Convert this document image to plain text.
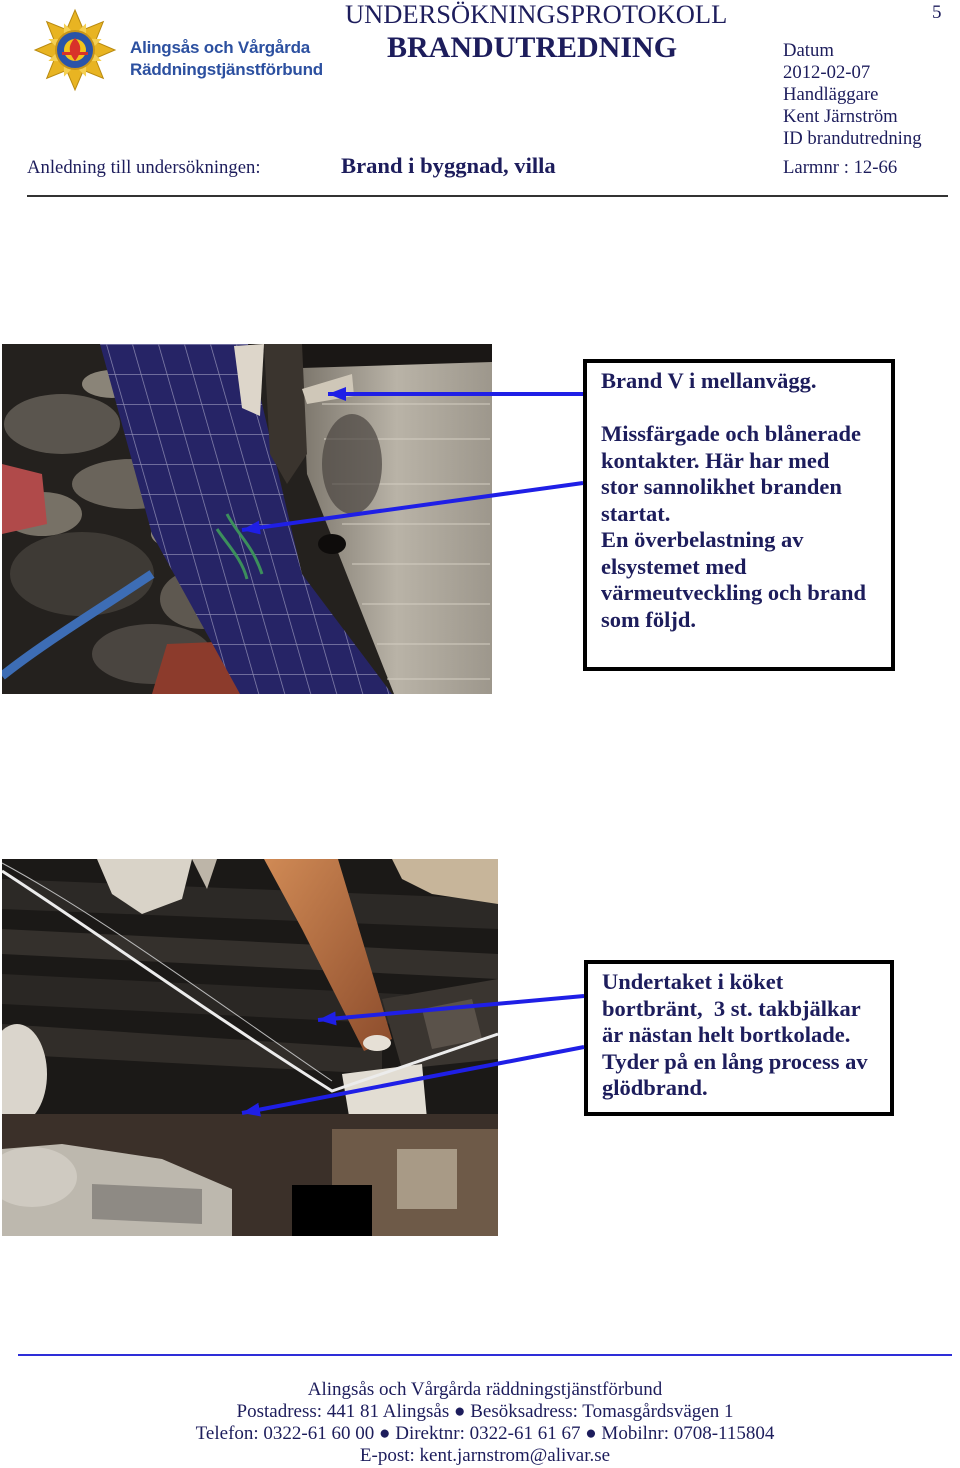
Alingsås och Vårgårda
Räddningstjänstförbund
UNDERSÖKNINGSPROTOKOLL
BRANDUTREDNING
5
Datum
2012-02-07
Handläggare
Kent Järnström
ID brandutredning
Anledning till undersökningen:	Brand i byggnad, villa	Larmnr : 12-66
Brand V i mellanvägg.
Missfärgade och blånerade
kontakter. Här har med
stor sannolikhet branden
startat.
En överbelastning av
elsystemet med
värmeutveckling och brand
som följd.
Undertaket i köket
bortbränt,  3 st. takbjälkar
är nästan helt bortkolade.
Tyder på en lång process av
glödbrand.
Alingsås och Vårgårda räddningstjänstförbund
Postadress: 441 81 Alingsås ● Besöksadress: Tomasgårdsvägen 1
Telefon: 0322-61 60 00 ● Direktnr: 0322-61 61 67 ● Mobilnr: 0708-115804
E-post: kent.jarnstrom@alivar.se
